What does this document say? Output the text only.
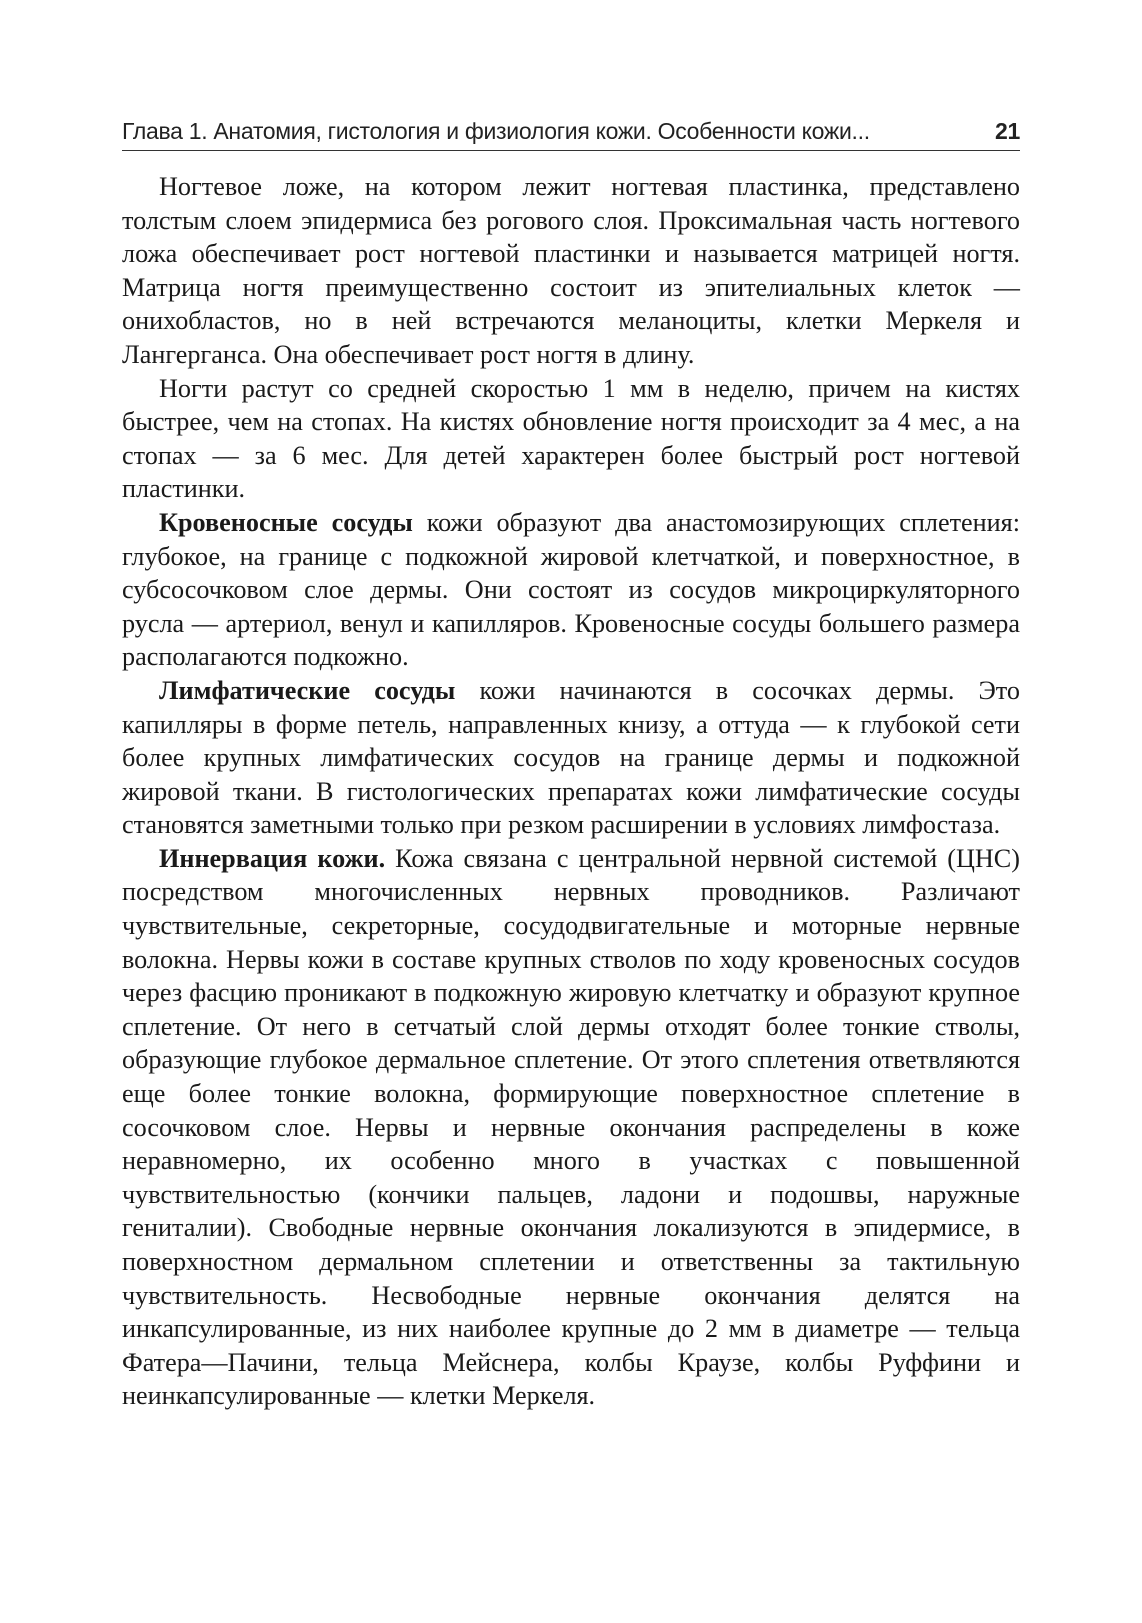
Глава 1. Анатомия, гистология и физиология кожи. Особенности кожи...	21

Ногтевое ложе, на котором лежит ногтевая пластинка, представлено толстым слоем эпидермиса без рогового слоя. Проксимальная часть ногтевого ложа обеспечивает рост ногтевой пластинки и называется матрицей ногтя. Матрица ногтя преимущественно состоит из эпителиальных клеток — онихобластов, но в ней встречаются меланоциты, клетки Меркеля и Лангерганса. Она обеспечивает рост ногтя в длину.

Ногти растут со средней скоростью 1 мм в неделю, причем на кистях быстрее, чем на стопах. На кистях обновление ногтя происходит за 4 мес, а на стопах — за 6 мес. Для детей характерен более быстрый рост ногтевой пластинки.

Кровеносные сосуды кожи образуют два анастомозирующих сплетения: глубокое, на границе с подкожной жировой клетчаткой, и поверхностное, в субсосочковом слое дермы. Они состоят из сосудов микроциркуляторного русла — артериол, венул и капилляров. Кровеносные сосуды большего размера располагаются подкожно.

Лимфатические сосуды кожи начинаются в сосочках дермы. Это капилляры в форме петель, направленных книзу, а оттуда — к глубокой сети более крупных лимфатических сосудов на границе дермы и подкожной жировой ткани. В гистологических препаратах кожи лимфатические сосуды становятся заметными только при резком расширении в условиях лимфостаза.

Иннервация кожи. Кожа связана с центральной нервной системой (ЦНС) посредством многочисленных нервных проводников. Различают чувствительные, секреторные, сосудодвигательные и моторные нервные волокна. Нервы кожи в составе крупных стволов по ходу кровеносных сосудов через фасцию проникают в подкожную жировую клетчатку и образуют крупное сплетение. От него в сетчатый слой дермы отходят более тонкие стволы, образующие глубокое дермальное сплетение. От этого сплетения ответвляются еще более тонкие волокна, формирующие поверхностное сплетение в сосочковом слое. Нервы и нервные окончания распределены в коже неравномерно, их особенно много в участках с повышенной чувствительностью (кончики пальцев, ладони и подошвы, наружные гениталии). Свободные нервные окончания локализуются в эпидермисе, в поверхностном дермальном сплетении и ответственны за тактильную чувствительность. Несвободные нервные окончания делятся на инкапсулированные, из них наиболее крупные до 2 мм в диаметре — тельца Фатера—Пачини, тельца Мейснера, колбы Краузе, колбы Руффини и неинкапсулированные — клетки Меркеля.
